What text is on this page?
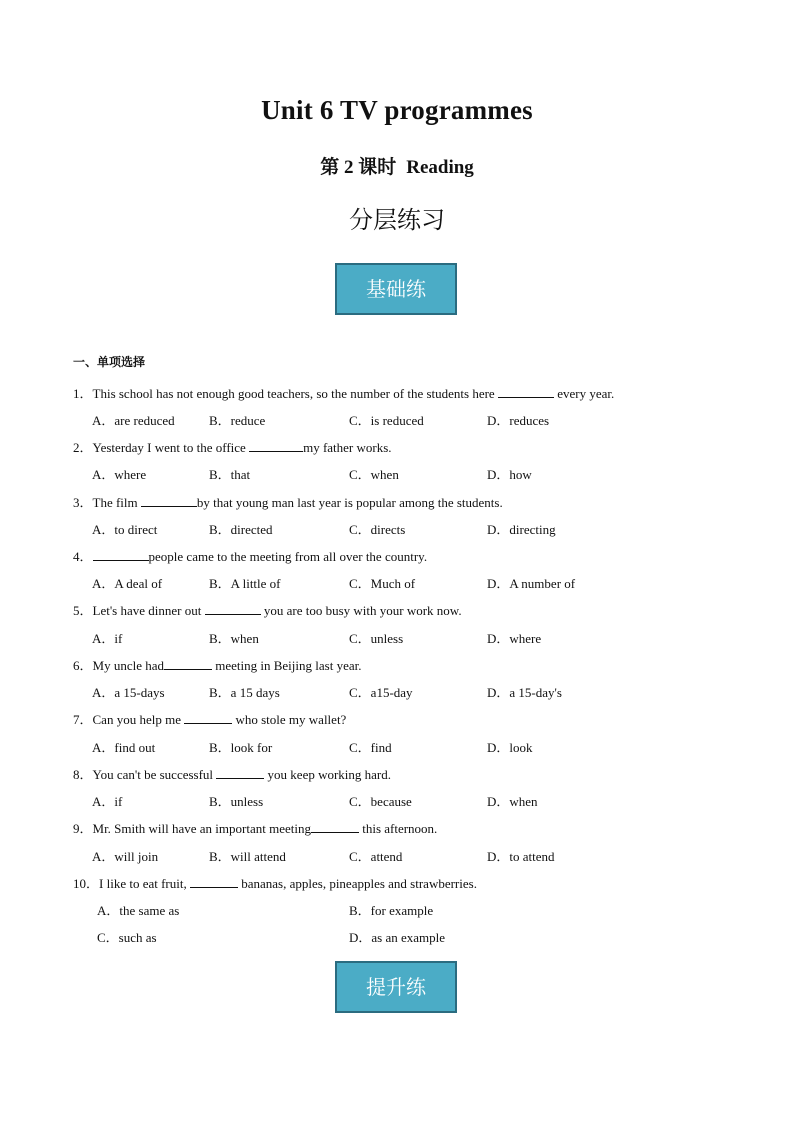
Unit 6 TV programmes
第 2 课时 Reading
分层练习
基础练
一、单项选择
1．This school has not enough good teachers, so the number of the students here	every year.
A．are reduced	B．reduce	C．is reduced	D．reduces
2．Yesterday I went to the office	my father works.
A．where	B．that	C．when	D．how
3．The film	by that young man last year is popular among the students.
A．to direct	B．directed	C．directs	D．directing
4．	people came to the meeting from all over the country.
A．A deal of	B．A little of	C．Much of	D．A number of
5．Let's have dinner out	you are too busy with your work now.
A．if	B．when	C．unless	D．where
6．My uncle had	meeting in Beijing last year.
A．a 15-days	B．a 15 days	C．a15-day	D．a 15-day's
7．Can you help me	who stole my wallet?
A．find out	B．look for	C．find	D．look
8．You can't be successful	you keep working hard.
A．if	B．unless	C．because	D．when
9．Mr. Smith will have an important meeting	this afternoon.
A．will join	B．will attend	C．attend	D．to attend
10．I like to eat fruit,	bananas, apples, pineapples and strawberries.
A．the same as	B．for example
C．such as	D．as an example
提升练
